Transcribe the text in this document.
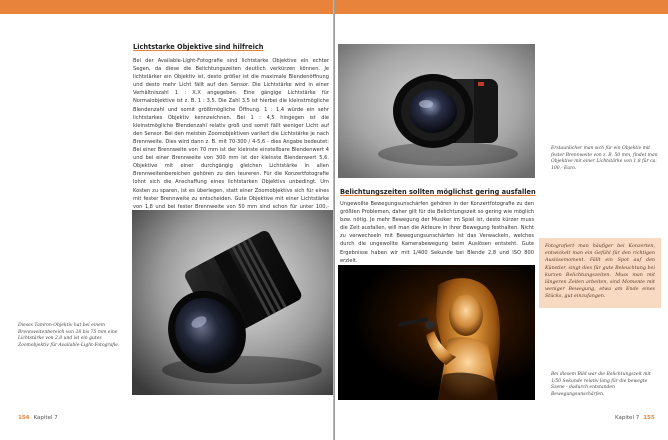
Lichtstarke Objektive sind hilfreich

Bei der Available-Light-Fotografie sind lichtstarke Objektive ein echter Segen, da diese die Belichtungszeiten deutlich verkürzen können. Je lichtstärker ein Objektiv ist, desto größer ist die maximale Blendenöffnung und desto mehr Licht fällt auf den Sensor. Die Lichtstärke wird in einer Verhältniszahl 1 : X,X angegeben. Eine gängige Lichtstärke für Normalobjektive ist z. B. 1 : 3,5. Die Zahl 3,5 ist hierbei die kleinstmögliche Blendenzahl und somit größtmögliche Öffnung. 1 : 1,4 würde ein sehr lichtstarkes Objektiv kennzeichnen. Bei 1 : 4,5 hingegen ist die kleinstmögliche Blendenzahl relativ groß und somit fällt weniger Licht auf den Sensor. Bei den meisten Zoomobjektiven variiert die Lichtstärke je nach Brennweite. Dies wird dann z. B. mit 70-300 / 4-5,6 - dies Angabe bedeutet: Bei einer Brennweite von 70 mm ist der kleinste einstellbare Blendenwert 4 und bei einer Brennweite von 300 mm ist der kleinste Blendenwert 5,6. Objektive mit einer durchgängig gleichen Lichtstärke in allen Brennweitenbereichen gehören zu den teureren. Für die Konzertfotografie lohnt sich die Anschaffung eines lichtstarken Objektivs unbedingt. Um Kosten zu sparen, ist es überlegen, statt einer Zoomobjektivs sich für eines mit fester Brennweite zu entscheiden. Gute Objektive mit einer Lichtstärke von 1,8 und bei fester Brennweite von 50 mm sind schon für unter 100,-

Dieses Tamron-Objektiv hat bei einem Brennweitenbereich von 28 bis 75 mm eine Lichtstärke von 2,8 und ist ein gutes Zoomobjektiv für Available-Light-Fotografie.

154 Kapitel 7

Erstaunlicher man sich für ein Objektiv mit fester Brennweite von z. B. 50 mm, findet man Objektive mit einer Lichtstärke von 1,8 für ca. 100,- Euro.

Belichtungszeiten sollten möglichst gering ausfallen

Ungewollte Bewegungsunschärfen gehören in der Konzertfotografie zu den größten Problemen, daher gilt für die Belichtungszeit so gering wie möglich bzw. nötig. Je mehr Bewegung der Musiker im Spiel ist, desto kürzer muss die Zeit ausfallen, will man die Akteure in ihrer Bewegung festhalten. Nicht zu verwechseln mit Bewegungsunschärfen ist das Verwackeln, welches durch die ungewollte Kamerabewegung beim Auslösen entsteht. Gute Ergebnisse haben wir mit 1/400 Sekunde bei Blende 2,8 und ISO 800 erzielt.

Fotografiert man häufiger bei Konzerten, entwickelt man ein Gefühl für den richtigen Auslösemoment. Fällt ein Spot auf den Künstler, singt dies für gute Beleuchtung bei kurzen Belichtungszeiten. Muss man mit längeren Zeiten arbeiten, sind Momente mit weniger Bewegung, etwa am Ende eines Stücks, gut einzufangen.

Bei diesem Bild war die Belichtungszeit mit 1/50 Sekunde relativ lang für die bewegte Szene - dadurch entstanden Bewegungsunschärfen.

Kapitel 7 155
